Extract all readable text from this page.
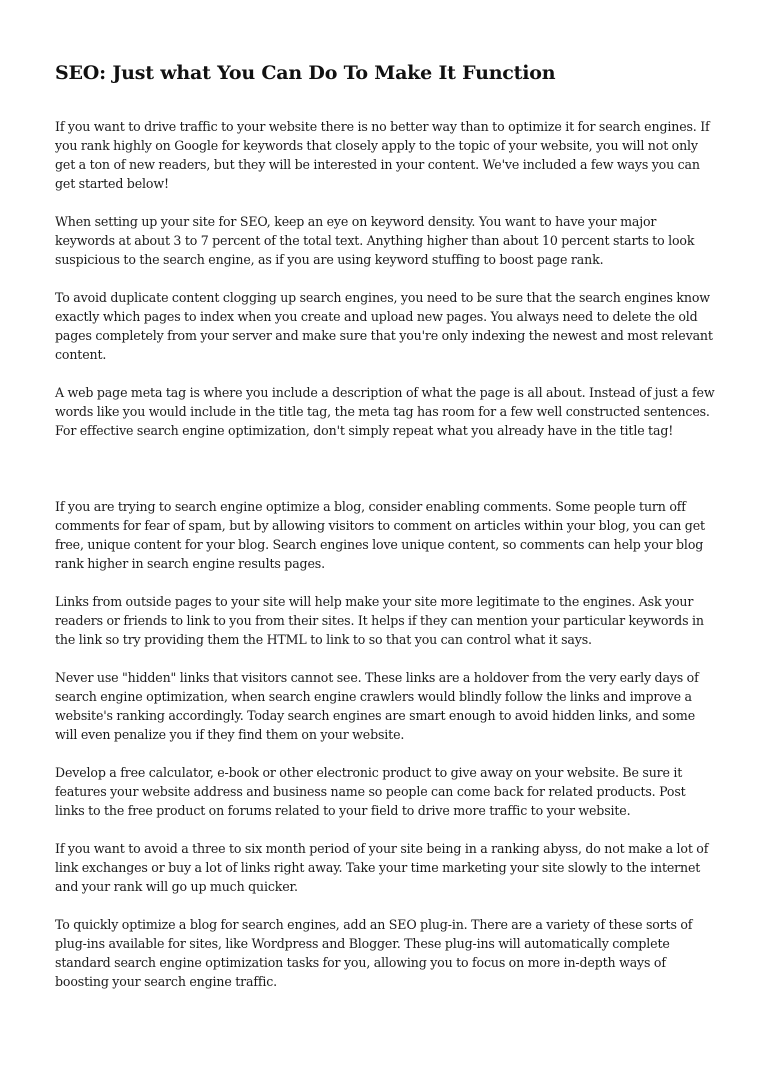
SEO: Just what You Can Do To Make It Function

If you want to drive traffic to your website there is no better way than to optimize it for search engines. If you rank highly on Google for keywords that closely apply to the topic of your website, you will not only get a ton of new readers, but they will be interested in your content. We've included a few ways you can get started below!

When setting up your site for SEO, keep an eye on keyword density. You want to have your major keywords at about 3 to 7 percent of the total text. Anything higher than about 10 percent starts to look suspicious to the search engine, as if you are using keyword stuffing to boost page rank.

To avoid duplicate content clogging up search engines, you need to be sure that the search engines know exactly which pages to index when you create and upload new pages. You always need to delete the old pages completely from your server and make sure that you're only indexing the newest and most relevant content.

A web page meta tag is where you include a description of what the page is all about. Instead of just a few words like you would include in the title tag, the meta tag has room for a few well constructed sentences. For effective search engine optimization, don't simply repeat what you already have in the title tag!

If you are trying to search engine optimize a blog, consider enabling comments. Some people turn off comments for fear of spam, but by allowing visitors to comment on articles within your blog, you can get free, unique content for your blog. Search engines love unique content, so comments can help your blog rank higher in search engine results pages.

Links from outside pages to your site will help make your site more legitimate to the engines. Ask your readers or friends to link to you from their sites. It helps if they can mention your particular keywords in the link so try providing them the HTML to link to so that you can control what it says.

Never use "hidden" links that visitors cannot see. These links are a holdover from the very early days of search engine optimization, when search engine crawlers would blindly follow the links and improve a website's ranking accordingly. Today search engines are smart enough to avoid hidden links, and some will even penalize you if they find them on your website.

Develop a free calculator, e-book or other electronic product to give away on your website. Be sure it features your website address and business name so people can come back for related products. Post links to the free product on forums related to your field to drive more traffic to your website.

If you want to avoid a three to six month period of your site being in a ranking abyss, do not make a lot of link exchanges or buy a lot of links right away. Take your time marketing your site slowly to the internet and your rank will go up much quicker.

To quickly optimize a blog for search engines, add an SEO plug-in. There are a variety of these sorts of plug-ins available for sites, like Wordpress and Blogger. These plug-ins will automatically complete standard search engine optimization tasks for you, allowing you to focus on more in-depth ways of boosting your search engine traffic.
